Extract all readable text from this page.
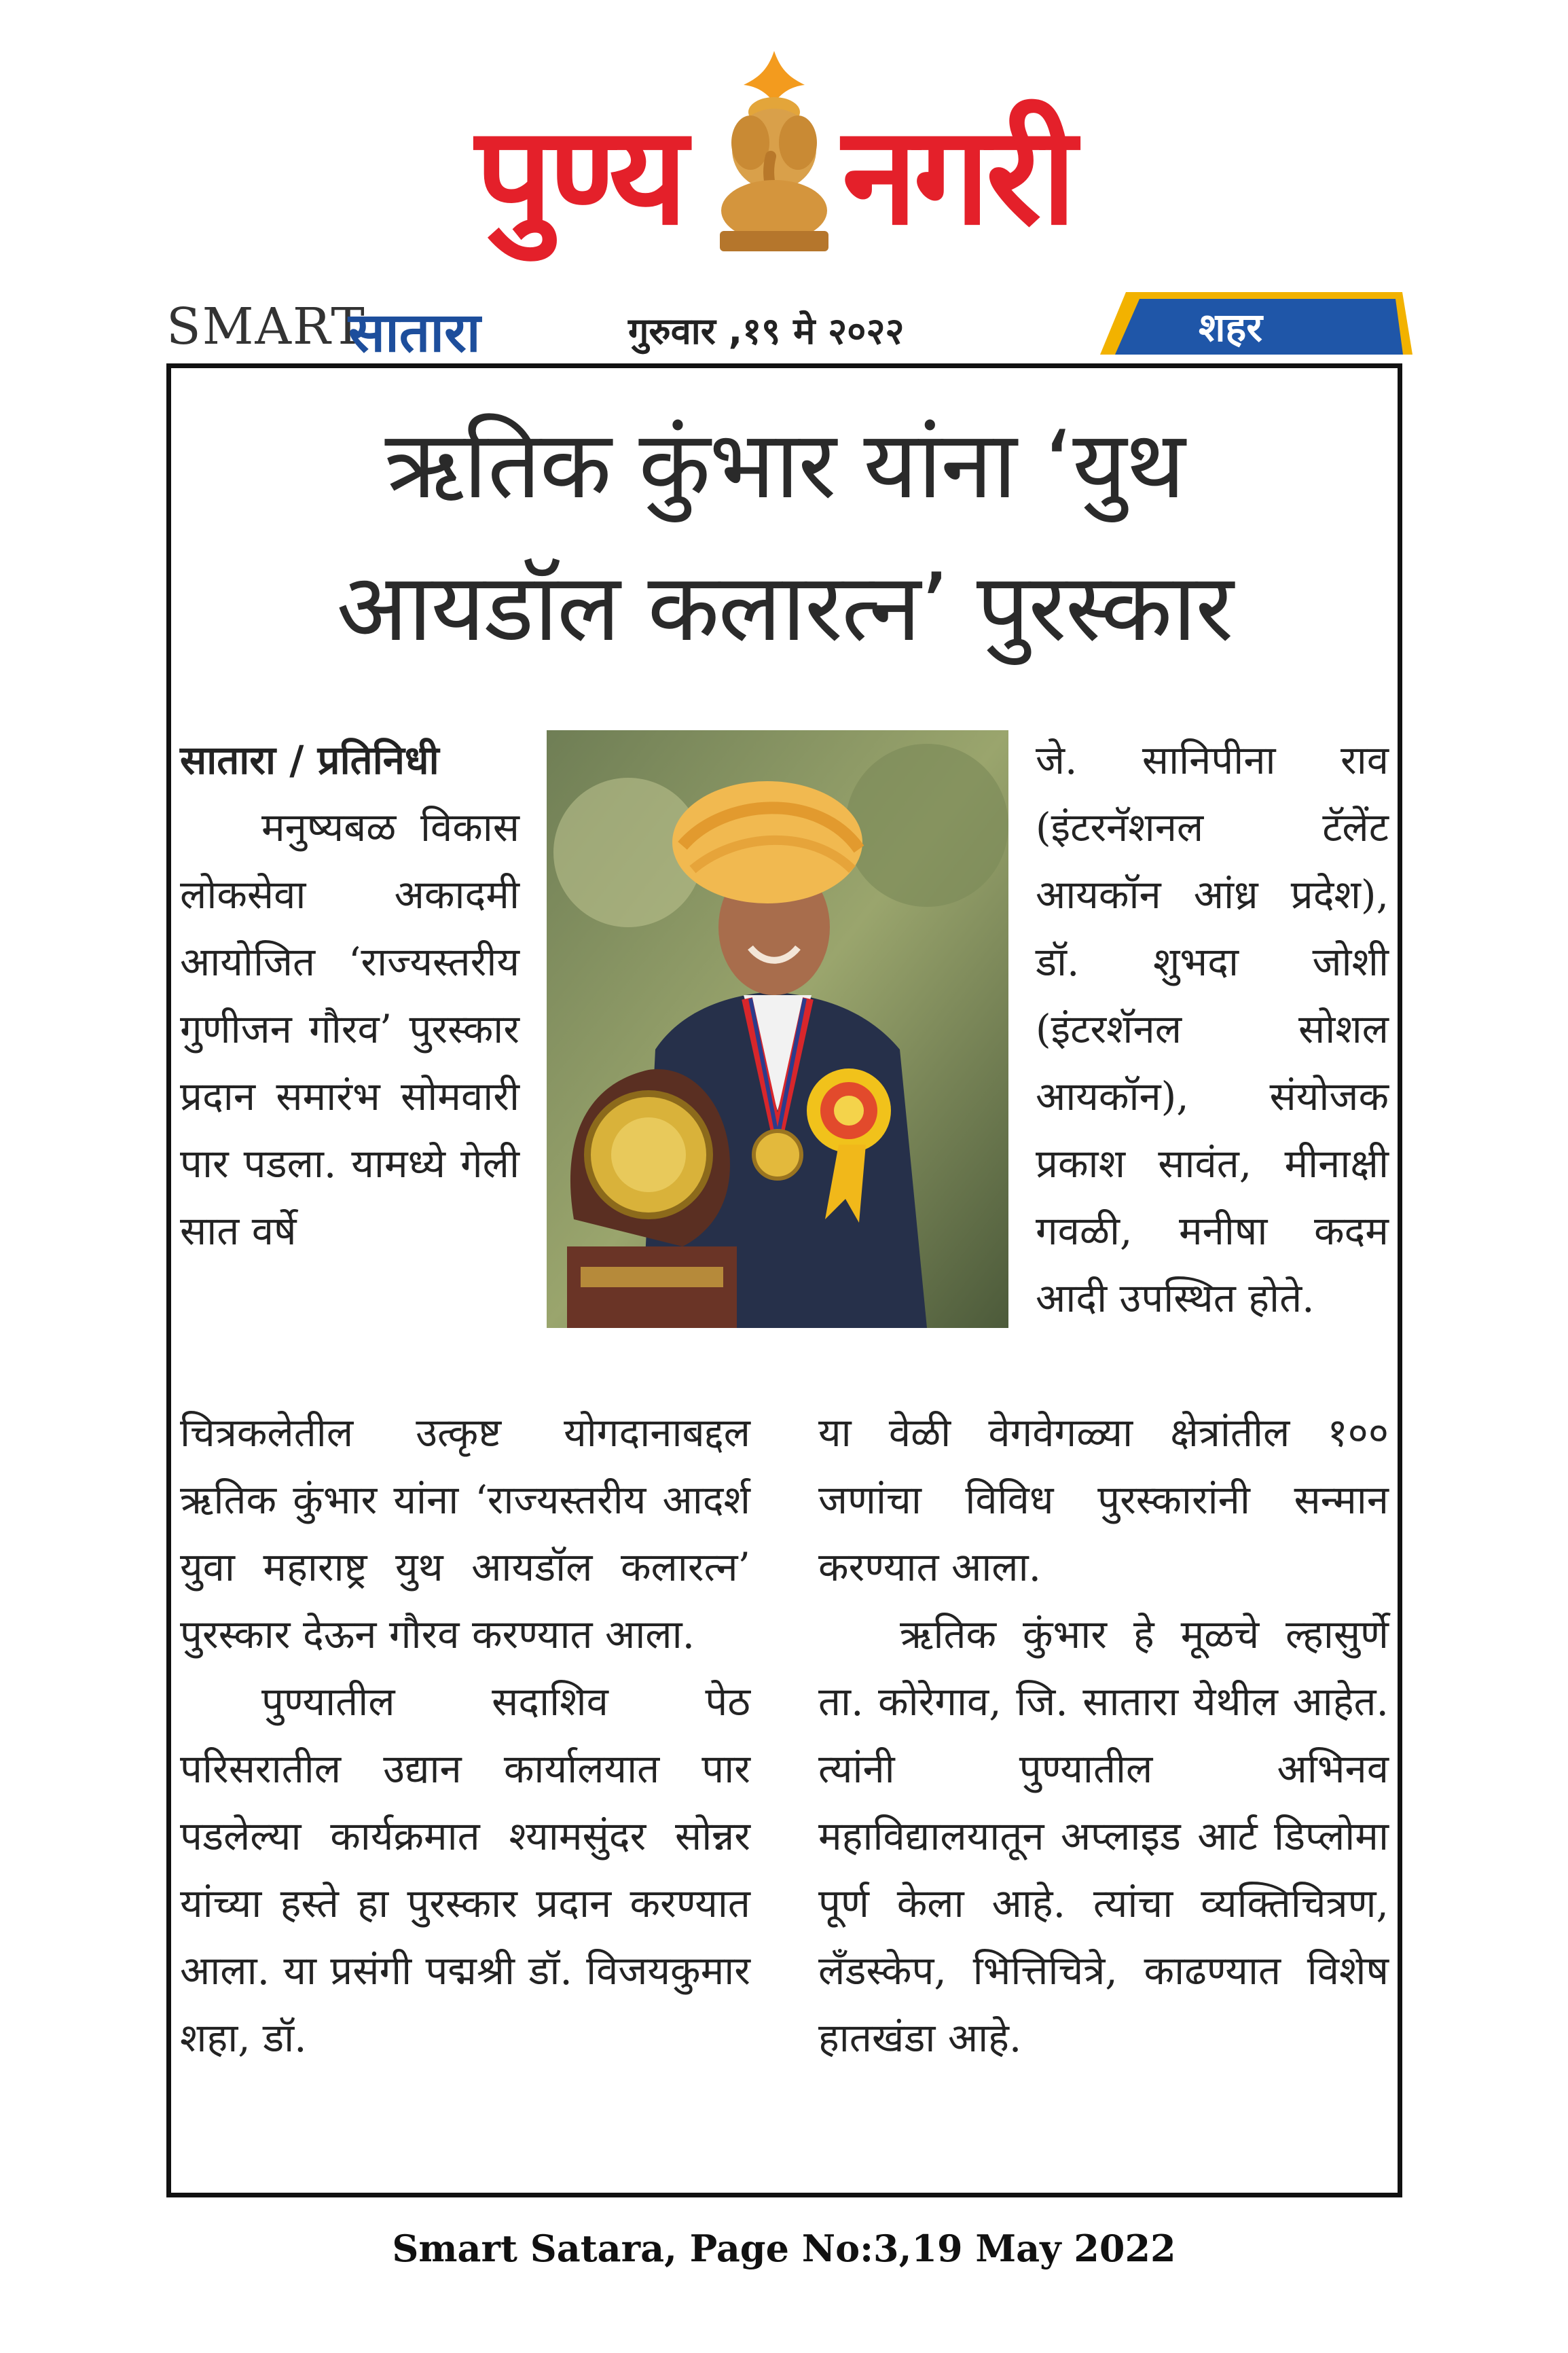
पुण्य नगरी
SMART
सातारा	गुरुवार ,१९ मे २०२२	शहर
ऋतिक कुंभार यांना ‘युथ
आयडॉल कलारत्न’ पुरस्कार

सातारा / प्रतिनिधी

मनुष्यबळ विकास लोकसेवा अकादमी आयोजित ‘राज्यस्तरीय गुणीजन गौरव’ पुरस्कार प्रदान समारंभ सोमवारी पार पडला. यामध्ये गेली सात वर्षे

जे. सानिपीना राव (इंटरनॅशनल टॅलेंट आयकॉन आंध्र प्रदेश), डॉ. शुभदा जोशी (इंटरशॅनल सोशल आयकॉन), संयोजक प्रकाश सावंत, मीनाक्षी गवळी, मनीषा कदम आदी उपस्थित होते.

चित्रकलेतील उत्कृष्ट योगदानाबद्दल ऋतिक कुंभार यांना ‘राज्यस्तरीय आदर्श युवा महाराष्ट्र युथ आयडॉल कलारत्न’ पुरस्कार देऊन गौरव करण्यात आला.

पुण्यातील सदाशिव पेठ परिसरातील उद्यान कार्यालयात पार पडलेल्या कार्यक्रमात श्यामसुंदर सोन्नर यांच्या हस्ते हा पुरस्कार प्रदान करण्यात आला. या प्रसंगी पद्मश्री डॉ. विजयकुमार शहा, डॉ.

या वेळी वेगवेगळ्या क्षेत्रांतील १०० जणांचा विविध पुरस्कारांनी सन्मान करण्यात आला.

ऋतिक कुंभार हे मूळचे ल्हासुर्णे ता. कोरेगाव, जि. सातारा येथील आहेत. त्यांनी पुण्यातील अभिनव महाविद्यालयातून अप्लाइड आर्ट डिप्लोमा पूर्ण केला आहे. त्यांचा व्यक्तिचित्रण, लॅंडस्केप, भित्तिचित्रे, काढण्यात विशेष हातखंडा आहे.

Smart Satara, Page No:3,19 May 2022
